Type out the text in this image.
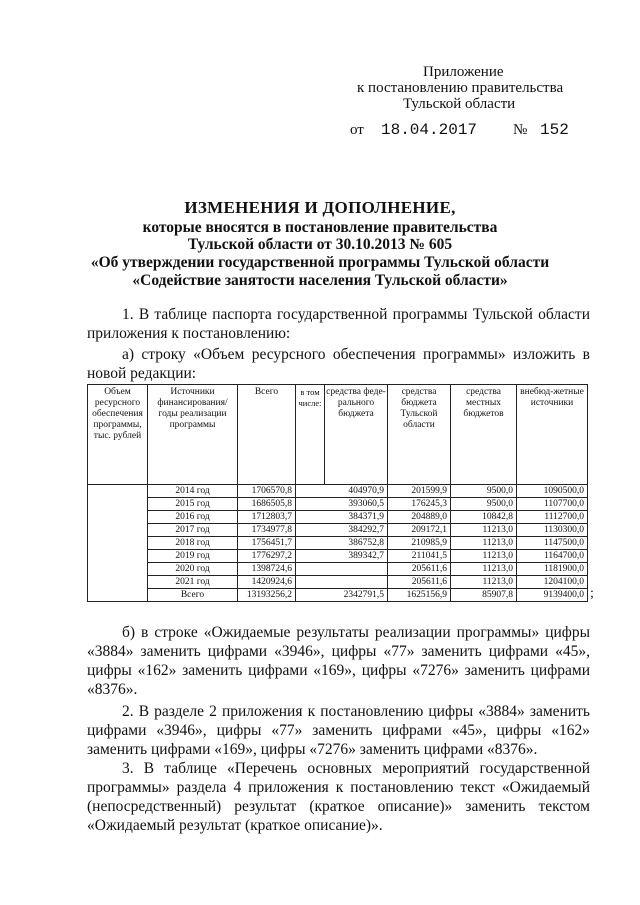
Приложение
к постановлению правительства
Тульской области
от 18.04.2017 № 152
ИЗМЕНЕНИЯ И ДОПОЛНЕНИЕ,
которые вносятся в постановление правительства
Тульской области от 30.10.2013 № 605
«Об утверждении государственной программы Тульской области
«Содействие занятости населения Тульской области»
1. В таблице паспорта государственной программы Тульской области приложения к постановлению:
а) строку «Объем ресурсного обеспечения программы» изложить в новой редакции:
Объем ресурсного обеспечения программы, тыс. рублей	Источники финансирования/ годы реализации программы	Всего	в том числе:	средства феде-рального бюджета	средства бюджета Тульской области	средства местных бюджетов	внебюд-жетные источники
	2014 год	1706570,8	404970,9		201599,9	9500,0	1090500,0
	2015 год	1686505,8	393060,5		176245,3	9500,0	1107700,0
	2016 год	1712803,7	384371,9		204889,0	10842,8	1112700,0
	2017 год	1734977,8	384292,7		209172,1	11213,0	1130300,0
	2018 год	1756451,7	386752,8		210985,9	11213,0	1147500,0
	2019 год	1776297,2	389342,7		211041,5	11213,0	1164700,0
	2020 год	1398724,6			205611,6	11213,0	1181900,0
	2021 год	1420924,6			205611,6	11213,0	1204100,0
	Всего	13193256,2	2342791,5		1625156,9	85907,8	9139400,0 ;
б) в строке «Ожидаемые результаты реализации программы» цифры «3884» заменить цифрами «3946», цифры «77» заменить цифрами «45», цифры «162» заменить цифрами «169», цифры «7276» заменить цифрами «8376».
2. В разделе 2 приложения к постановлению цифры «3884» заменить цифрами «3946», цифры «77» заменить цифрами «45», цифры «162» заменить цифрами «169», цифры «7276» заменить цифрами «8376».
3. В таблице «Перечень основных мероприятий государственной программы» раздела 4 приложения к постановлению текст «Ожидаемый (непосредственный) результат (краткое описание)» заменить текстом «Ожидаемый результат (краткое описание)».
